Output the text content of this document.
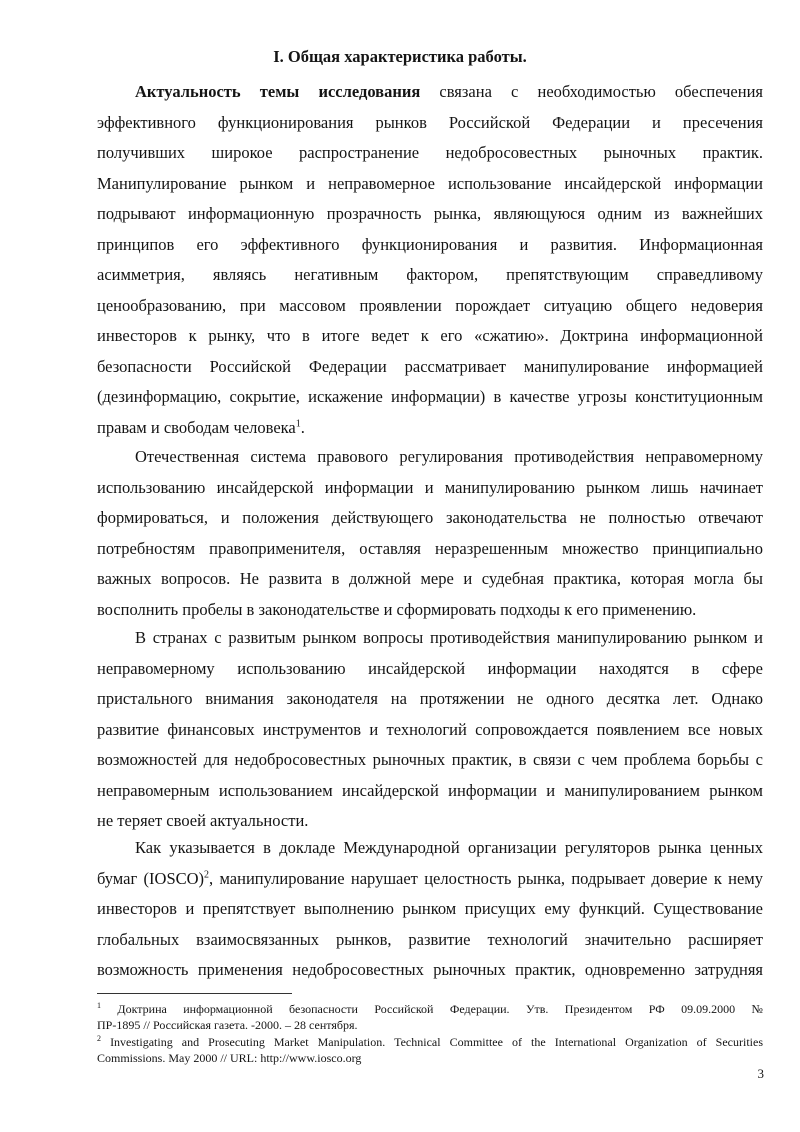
I. Общая характеристика работы.
Актуальность темы исследования связана с необходимостью обеспечения
эффективного функционирования рынков Российской Федерации и пресечения
получивших широкое распространение недобросовестных рыночных практик.
Манипулирование рынком и неправомерное использование инсайдерской информации
подрывают информационную прозрачность рынка, являющуюся одним из важнейших
принципов его эффективного функционирования и развития. Информационная
асимметрия, являясь негативным фактором, препятствующим справедливому
ценообразованию, при массовом проявлении порождает ситуацию общего недоверия
инвесторов к рынку, что в итоге ведет к его «сжатию». Доктрина информационной
безопасности Российской Федерации рассматривает манипулирование информацией
(дезинформацию, сокрытие, искажение информации) в качестве угрозы конституционным
правам и свободам человека$^1$.
Отечественная система правового регулирования противодействия неправомерному
использованию инсайдерской информации и манипулированию рынком лишь начинает
формироваться, и положения действующего законодательства не полностью отвечают
потребностям правоприменителя, оставляя неразрешенным множество принципиально
важных вопросов. Не развита в должной мере и судебная практика, которая могла бы
восполнить пробелы в законодательстве и сформировать подходы к его применению.
В странах с развитым рынком вопросы противодействия манипулированию рынком и
неправомерному использованию инсайдерской информации находятся в сфере
пристального внимания законодателя на протяжении не одного десятка лет. Однако
развитие финансовых инструментов и технологий сопровождается появлением все новых
возможностей для недобросовестных рыночных практик, в связи с чем проблема борьбы с
неправомерным использованием инсайдерской информации и манипулированием рынком
не теряет своей актуальности.
Как указывается в докладе Международной организации регуляторов рынка ценных
бумаг (IOSCO)$^2$, манипулирование нарушает целостность рынка, подрывает доверие к нему
инвесторов и препятствует выполнению рынком присущих ему функций. Существование
глобальных взаимосвязанных рынков, развитие технологий значительно расширяет
возможность применения недобросовестных рыночных практик, одновременно затрудняя
$^1$ Доктрина информационной безопасности Российской Федерации. Утв. Президентом РФ 09.09.2000 №
ПР-1895 // Российская газета. -2000. – 28 сентября.
$^2$ Investigating and Prosecuting Market Manipulation. Technical Committee of the International Organization of Securities
Commissions. May 2000 // URL: http://www.iosco.org
3
